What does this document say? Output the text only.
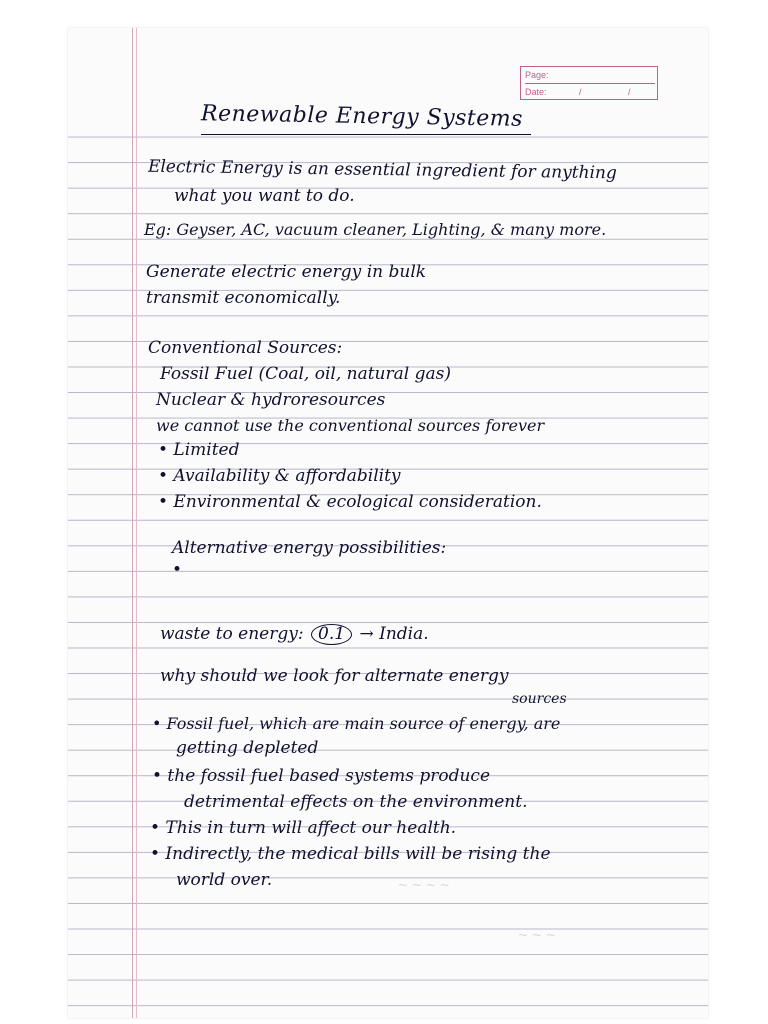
Page:
Date:	/ /
Renewable Energy Systems
Electric Energy is an essential ingredient for anything
what you want to do.
Eg: Geyser, AC, vacuum cleaner, Lighting, & many more.
Generate electric energy in bulk
transmit economically.
Conventional Sources:
Fossil Fuel (Coal, oil, natural gas)
Nuclear & hydroresources
we cannot use the conventional sources forever
• Limited
• Availability & affordability
• Environmental & ecological consideration.
Alternative energy possibilities:
•
waste to energy: 0.1 → India.
why should we look for alternate energy
sources
• Fossil fuel, which are main source of energy, are
getting depleted
• the fossil fuel based systems produce
detrimental effects on the environment.
• This in turn will affect our health.
• Indirectly, the medical bills will be rising the
world over.	~ ~ ~ ~
~ ~ ~
